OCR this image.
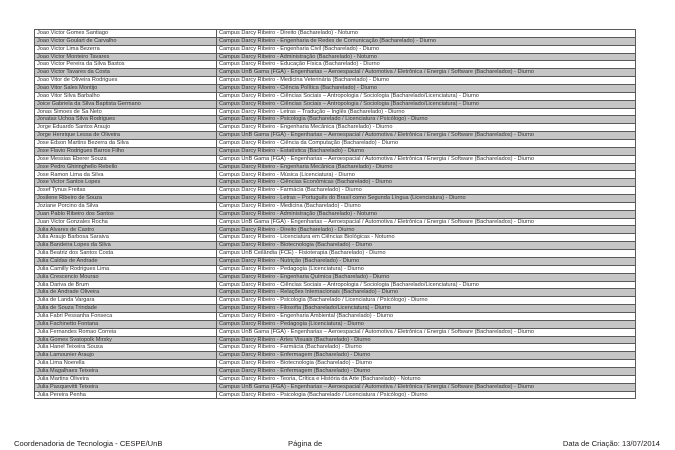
Joao Victor Gomes Santiago	Campus Darcy Ribeiro - Direito (Bacharelado) - Noturno
Joao Victor Goulart de Carvalho	Campus Darcy Ribeiro - Engenharia de Redes de Comunicação (Bacharelado) - Diurno
Joao Victor Lima Bezerra	Campus Darcy Ribeiro - Engenharia Civil (Bacharelado) - Diurno
Joao Victor Monteiro Tavares	Campus Darcy Ribeiro - Administração (Bacharelado) - Noturno
Joao Victor Pereira da Silva Bastos	Campus Darcy Ribeiro - Educação Física (Bacharelado) - Diurno
Joao Victor Tavares da Costa	Campus UnB Gama (FGA) - Engenharias – Aeroespacial / Automotiva / Eletrônica / Energia / Software (Bacharelados) - Diurno
Joao Vitor de Oliveira Rodrigues	Campus Darcy Ribeiro - Medicina Veterinária (Bacharelado) - Diurno
Joao Vitor Sales Montijo	Campus Darcy Ribeiro - Ciência Política (Bacharelado) - Diurno
Joao Vitor Silva Barbalho	Campus Darcy Ribeiro - Ciências Sociais – Antropologia / Sociologia (Bacharelado/Licenciatura) - Diurno
Joice Gabriela da Silva Baptista Germano	Campus Darcy Ribeiro - Ciências Sociais – Antropologia / Sociologia (Bacharelado/Licenciatura) - Diurno
Jonas Simoes de Sa Neto	Campus Darcy Ribeiro - Letras – Tradução – Inglês (Bacharelado) - Diurno
Jonatas Uchoa Silva Rodrigues	Campus Darcy Ribeiro - Psicologia (Bacharelado / Licenciatura / Psicólogo) - Diurno
Jorge Eduardo Santos Araujo	Campus Darcy Ribeiro - Engenharia Mecânica (Bacharelado) - Diurno
Jorge Henrique Lessa de Oliveira	Campus UnB Gama (FGA) - Engenharias – Aeroespacial / Automotiva / Eletrônica / Energia / Software (Bacharelados) - Diurno
Jose Edson Martins Bezerra da Silva	Campus Darcy Ribeiro - Ciência da Computação (Bacharelado) - Diurno
Jose Flavio Rodrigues Barros Filho	Campus Darcy Ribeiro - Estatística (Bacharelado) - Diurno
Jose Messias Eberer Souza	Campus UnB Gama (FGA) - Engenharias – Aeroespacial / Automotiva / Eletrônica / Energia / Software (Bacharelados) - Diurno
Jose Pedro Ghiringhello Rebello	Campus Darcy Ribeiro - Engenharia Mecânica (Bacharelado) - Diurno
Jose Ramon Lima da Silva	Campus Darcy Ribeiro - Música (Licenciatura) - Diurno
Jose Victor Santos Lopes	Campus Darcy Ribeiro - Ciências Econômicas (Bacharelado) - Diurno
Josef Tynus Freitas	Campus Darcy Ribeiro - Farmácia (Bacharelado) - Diurno
Josilene Ribeiro de Souza	Campus Darcy Ribeiro - Letras – Português do Brasil como Segunda Língua (Licenciatura) - Diurno
Joziane Porcino da Silva	Campus Darcy Ribeiro - Medicina (Bacharelado) - Diurno
Juan Pablo Ribeiro dos Santos	Campus Darcy Ribeiro - Administração (Bacharelado) - Noturno
Juan Victor Gonzales Rocha	Campus UnB Gama (FGA) - Engenharias – Aeroespacial / Automotiva / Eletrônica / Energia / Software (Bacharelados) - Diurno
Julia Alvares de Castro	Campus Darcy Ribeiro - Direito (Bacharelado) - Diurno
Julia Araujo Barbosa Saraiva	Campus Darcy Ribeiro - Licenciatura em Ciências Biológicas - Noturno
Julia Bandeira Lopes da Silva	Campus Darcy Ribeiro - Biotecnologia (Bacharelado) - Diurno
Julia Beatriz dos Santos Costa	Campus UnB Ceilândia (FCE) - Fisioterapia (Bacharelado) - Diurno
Julia Caldas de Andrade	Campus Darcy Ribeiro - Nutrição (Bacharelado) - Diurno
Julia Camilly Rodrigues Lima	Campus Darcy Ribeiro - Pedagogia (Licenciatura) - Diurno
Julia Crescencio Mourao	Campus Darcy Ribeiro - Engenharia Química (Bacharelado) - Diurno
Julia Dariva de Brum	Campus Darcy Ribeiro - Ciências Sociais – Antropologia / Sociologia (Bacharelado/Licenciatura) - Diurno
Julia de Andrade Oliveira	Campus Darcy Ribeiro - Relações Internacionais (Bacharelado) - Diurno
Julia de Landa Vargara	Campus Darcy Ribeiro - Psicologia (Bacharelado / Licenciatura / Psicólogo) - Diurno
Julia de Souza Trindade	Campus Darcy Ribeiro - Filosofia (Bacharelado/Licenciatura) - Diurno
Julia Fabri Pessanha Fonseca	Campus Darcy Ribeiro - Engenharia Ambiental (Bacharelado) - Diurno
Julia Fachinetto Fontana	Campus Darcy Ribeiro - Pedagogia (Licenciatura) - Diurno
Julia Fernandes Romao Correia	Campus UnB Gama (FGA) - Engenharias – Aeroespacial / Automotiva / Eletrônica / Energia / Software (Bacharelados) - Diurno
Julia Gomes Svatopolk Mirsky	Campus Darcy Ribeiro - Artes Visuais (Bacharelado) - Diurno
Julia Hanel Teixeira Sousa	Campus Darcy Ribeiro - Farmácia (Bacharelado) - Diurno
Julia Lamounier Araujo	Campus Darcy Ribeiro - Enfermagem (Bacharelado) - Diurno
Julia Lima Noerella	Campus Darcy Ribeiro - Biotecnologia (Bacharelado) - Diurno
Julia Magalhaes Teixeira	Campus Darcy Ribeiro - Enfermagem (Bacharelado) - Diurno
Julia Martins Oliveira	Campus Darcy Ribeiro - Teoria, Crítica e História da Arte (Bacharelado) - Noturno
Julia Pasquevitti Teixeira	Campus UnB Gama (FGA) - Engenharias – Aeroespacial / Automotiva / Eletrônica / Energia / Software (Bacharelados) - Diurno
Julia Pereira Penha	Campus Darcy Ribeiro - Psicologia (Bacharelado / Licenciatura / Psicólogo) - Diurno
Coordenadoria de Tecnologia - CESPE/UnB	Página de	Data de Criação: 13/07/2014
